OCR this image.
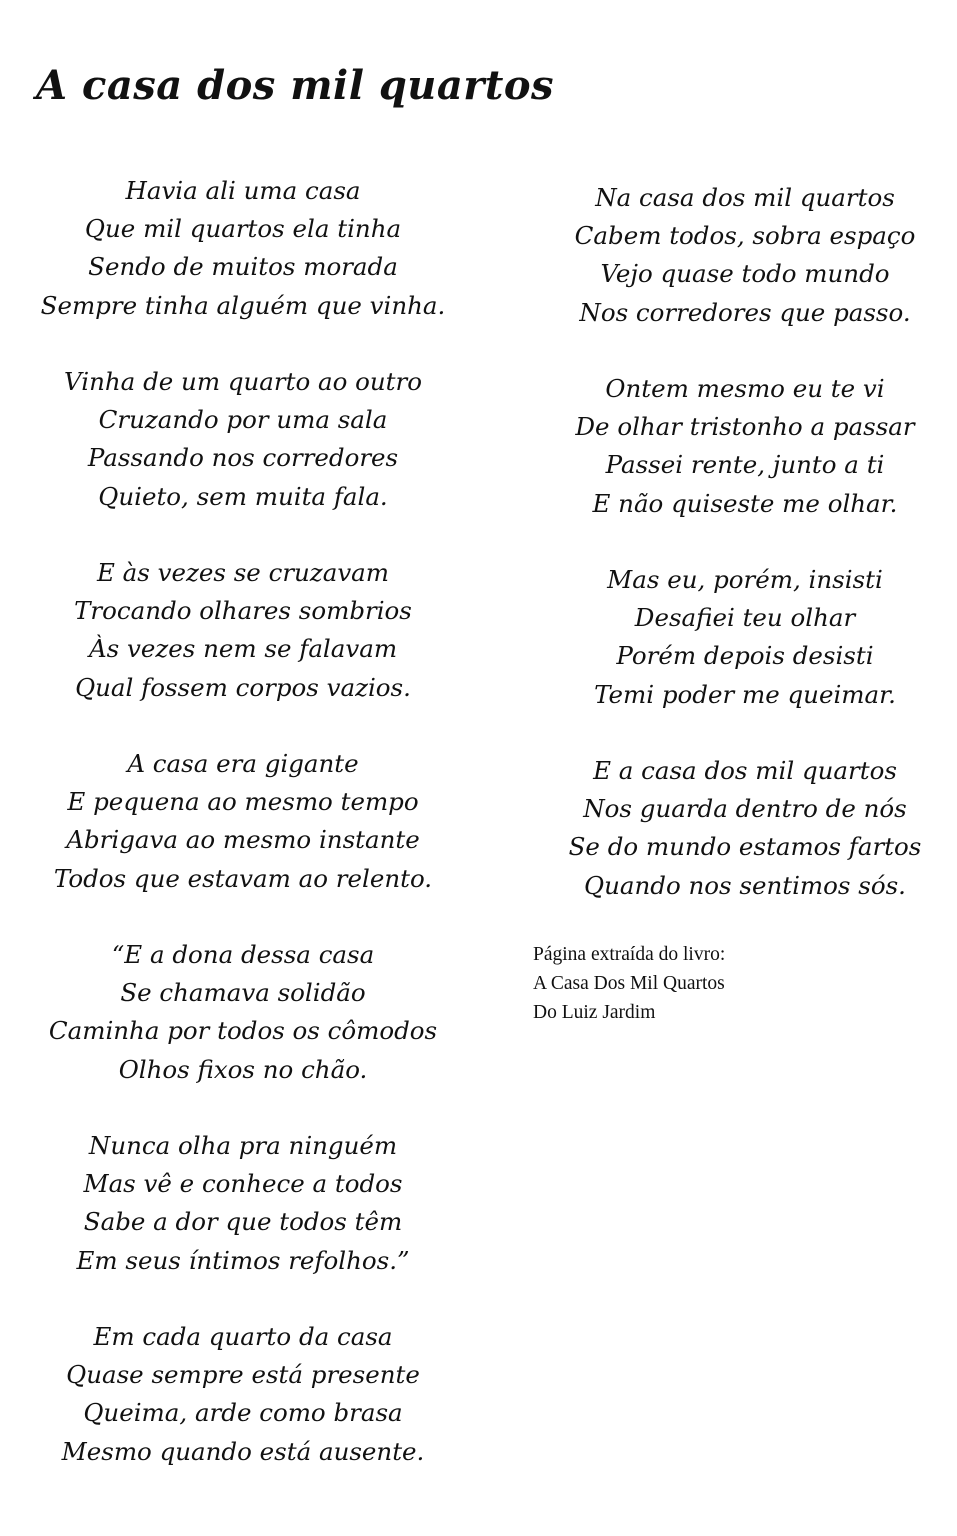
A casa dos mil quartos

Havia ali uma casa
Que mil quartos ela tinha
Sendo de muitos morada
Sempre tinha alguém que vinha.

Vinha de um quarto ao outro
Cruzando por uma sala
Passando nos corredores
Quieto, sem muita fala.

E às vezes se cruzavam
Trocando olhares sombrios
Às vezes nem se falavam
Qual fossem corpos vazios.

A casa era gigante
E pequena ao mesmo tempo
Abrigava ao mesmo instante
Todos que estavam ao relento.

“E a dona dessa casa
Se chamava solidão
Caminha por todos os cômodos
Olhos fixos no chão.

Nunca olha pra ninguém
Mas vê e conhece a todos
Sabe a dor que todos têm
Em seus íntimos refolhos.”

Em cada quarto da casa
Quase sempre está presente
Queima, arde como brasa
Mesmo quando está ausente.

Na casa dos mil quartos
Cabem todos, sobra espaço
Vejo quase todo mundo
Nos corredores que passo.

Ontem mesmo eu te vi
De olhar tristonho a passar
Passei rente, junto a ti
E não quiseste me olhar.

Mas eu, porém, insisti
Desafiei teu olhar
Porém depois desisti
Temi poder me queimar.

E a casa dos mil quartos
Nos guarda dentro de nós
Se do mundo estamos fartos
Quando nos sentimos sós.

Página extraída do livro:
A Casa Dos Mil Quartos
Do Luiz Jardim
